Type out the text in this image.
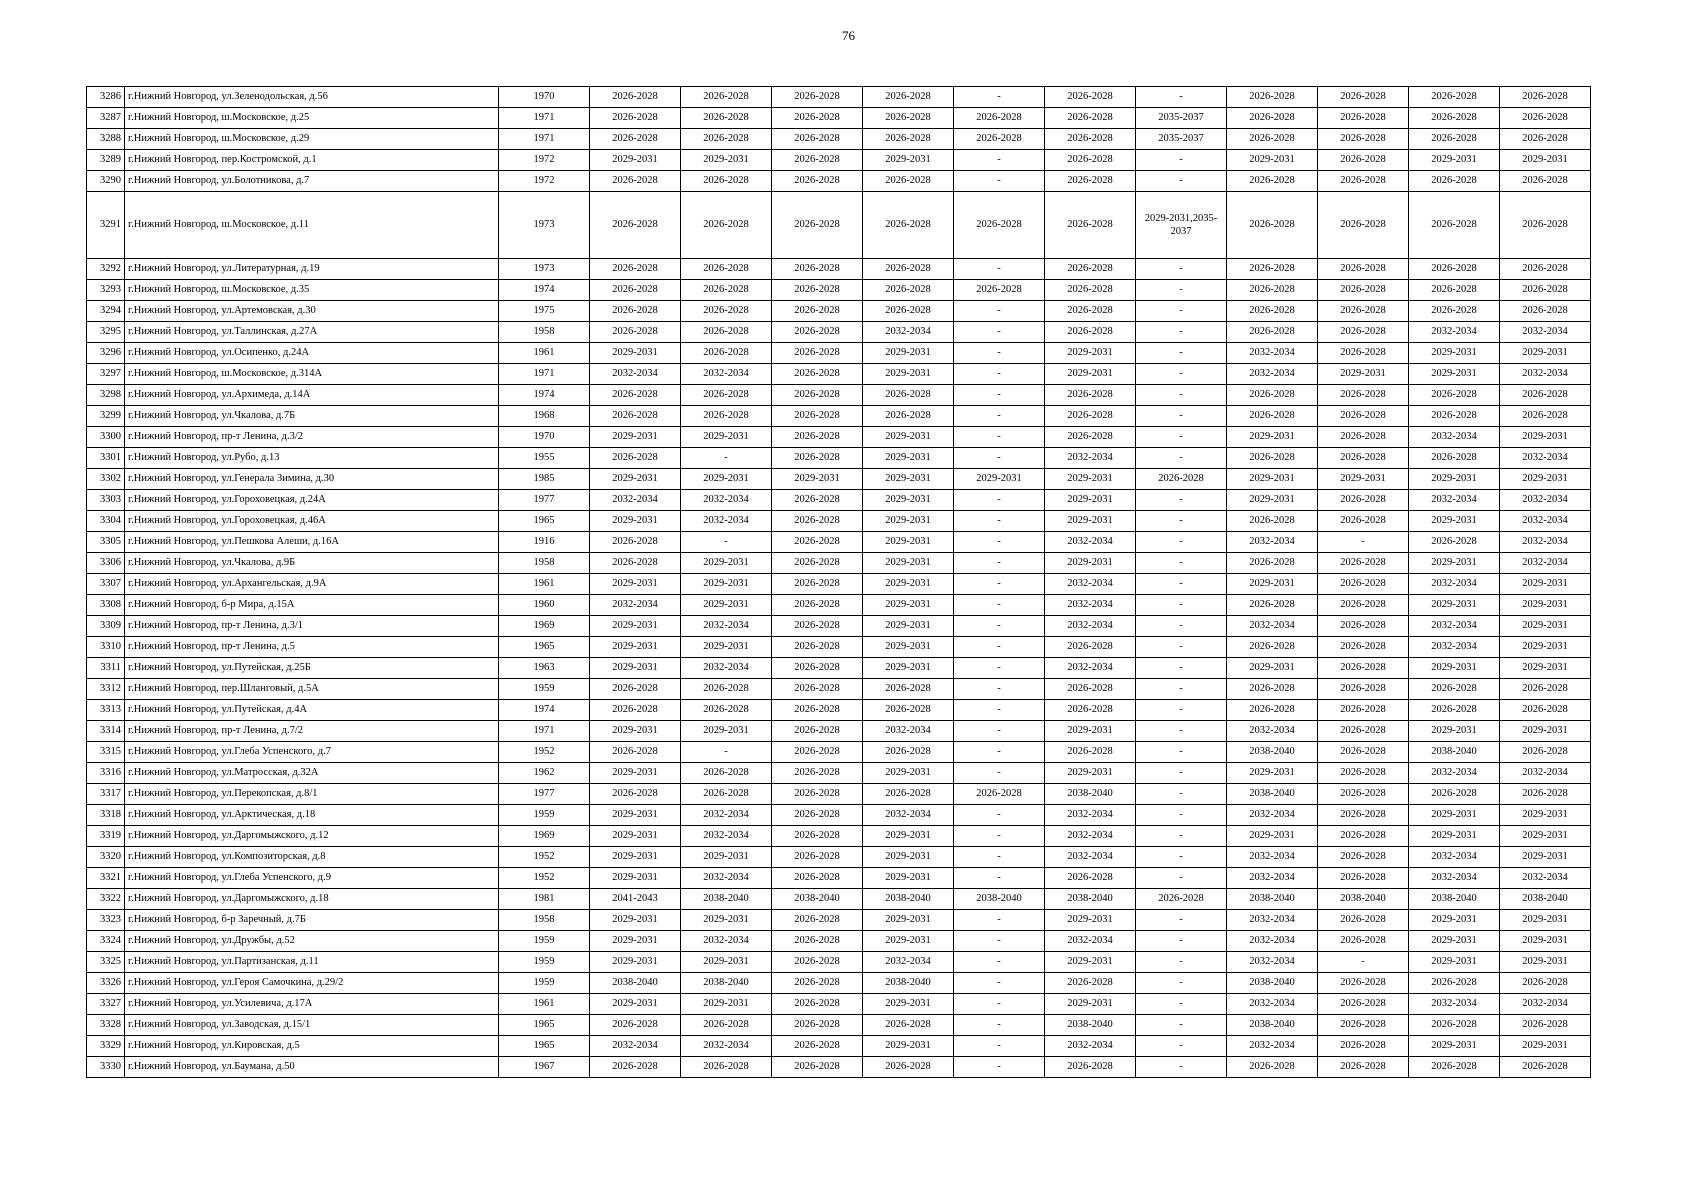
76
3286	г.Нижний Новгород, ул.Зеленодольская, д.56	1970	2026-2028	2026-2028	2026-2028	2026-2028	-	2026-2028	-	2026-2028	2026-2028	2026-2028	2026-2028
3287	г.Нижний Новгород, ш.Московское, д.25	1971	2026-2028	2026-2028	2026-2028	2026-2028	2026-2028	2026-2028	2035-2037	2026-2028	2026-2028	2026-2028	2026-2028
3288	г.Нижний Новгород, ш.Московское, д.29	1971	2026-2028	2026-2028	2026-2028	2026-2028	2026-2028	2026-2028	2035-2037	2026-2028	2026-2028	2026-2028	2026-2028
3289	г.Нижний Новгород, пер.Костромской, д.1	1972	2029-2031	2029-2031	2026-2028	2029-2031	-	2026-2028	-	2029-2031	2026-2028	2029-2031	2029-2031
3290	г.Нижний Новгород, ул.Болотникова, д.7	1972	2026-2028	2026-2028	2026-2028	2026-2028	-	2026-2028	-	2026-2028	2026-2028	2026-2028	2026-2028
3291	г.Нижний Новгород, ш.Московское, д.11	1973	2026-2028	2026-2028	2026-2028	2026-2028	2026-2028	2026-2028	2029-2031,2035-2037	2026-2028	2026-2028	2026-2028	2026-2028
3292	г.Нижний Новгород, ул.Литературная, д.19	1973	2026-2028	2026-2028	2026-2028	2026-2028	-	2026-2028	-	2026-2028	2026-2028	2026-2028	2026-2028
3293	г.Нижний Новгород, ш.Московское, д.35	1974	2026-2028	2026-2028	2026-2028	2026-2028	2026-2028	2026-2028	-	2026-2028	2026-2028	2026-2028	2026-2028
3294	г.Нижний Новгород, ул.Артемовская, д.30	1975	2026-2028	2026-2028	2026-2028	2026-2028	-	2026-2028	-	2026-2028	2026-2028	2026-2028	2026-2028
3295	г.Нижний Новгород, ул.Таллинская, д.27А	1958	2026-2028	2026-2028	2026-2028	2032-2034	-	2026-2028	-	2026-2028	2026-2028	2032-2034	2032-2034
3296	г.Нижний Новгород, ул.Осипенко, д.24А	1961	2029-2031	2026-2028	2026-2028	2029-2031	-	2029-2031	-	2032-2034	2026-2028	2029-2031	2029-2031
3297	г.Нижний Новгород, ш.Московское, д.314А	1971	2032-2034	2032-2034	2026-2028	2029-2031	-	2029-2031	-	2032-2034	2029-2031	2029-2031	2032-2034
3298	г.Нижний Новгород, ул.Архимеда, д.14А	1974	2026-2028	2026-2028	2026-2028	2026-2028	-	2026-2028	-	2026-2028	2026-2028	2026-2028	2026-2028
3299	г.Нижний Новгород, ул.Чкалова, д.7Б	1968	2026-2028	2026-2028	2026-2028	2026-2028	-	2026-2028	-	2026-2028	2026-2028	2026-2028	2026-2028
3300	г.Нижний Новгород, пр-т Ленина, д.3/2	1970	2029-2031	2029-2031	2026-2028	2029-2031	-	2026-2028	-	2029-2031	2026-2028	2032-2034	2029-2031
3301	г.Нижний Новгород, ул.Рубо, д.13	1955	2026-2028	-	2026-2028	2029-2031	-	2032-2034	-	2026-2028	2026-2028	2026-2028	2032-2034
3302	г.Нижний Новгород, ул.Генерала Зимина, д.30	1985	2029-2031	2029-2031	2029-2031	2029-2031	2029-2031	2029-2031	2026-2028	2029-2031	2029-2031	2029-2031	2029-2031
3303	г.Нижний Новгород, ул.Гороховецкая, д.24А	1977	2032-2034	2032-2034	2026-2028	2029-2031	-	2029-2031	-	2029-2031	2026-2028	2032-2034	2032-2034
3304	г.Нижний Новгород, ул.Гороховецкая, д.46А	1965	2029-2031	2032-2034	2026-2028	2029-2031	-	2029-2031	-	2026-2028	2026-2028	2029-2031	2032-2034
3305	г.Нижний Новгород, ул.Пешкова Алеши, д.16А	1916	2026-2028	-	2026-2028	2029-2031	-	2032-2034	-	2032-2034	-	2026-2028	2032-2034
3306	г.Нижний Новгород, ул.Чкалова, д.9Б	1958	2026-2028	2029-2031	2026-2028	2029-2031	-	2029-2031	-	2026-2028	2026-2028	2029-2031	2032-2034
3307	г.Нижний Новгород, ул.Архангельская, д.9А	1961	2029-2031	2029-2031	2026-2028	2029-2031	-	2032-2034	-	2029-2031	2026-2028	2032-2034	2029-2031
3308	г.Нижний Новгород, б-р Мира, д.15А	1960	2032-2034	2029-2031	2026-2028	2029-2031	-	2032-2034	-	2026-2028	2026-2028	2029-2031	2029-2031
3309	г.Нижний Новгород, пр-т Ленина, д.3/1	1969	2029-2031	2032-2034	2026-2028	2029-2031	-	2032-2034	-	2032-2034	2026-2028	2032-2034	2029-2031
3310	г.Нижний Новгород, пр-т Ленина, д.5	1965	2029-2031	2029-2031	2026-2028	2029-2031	-	2026-2028	-	2026-2028	2026-2028	2032-2034	2029-2031
3311	г.Нижний Новгород, ул.Путейская, д.25Б	1963	2029-2031	2032-2034	2026-2028	2029-2031	-	2032-2034	-	2029-2031	2026-2028	2029-2031	2029-2031
3312	г.Нижний Новгород, пер.Шланговый, д.5А	1959	2026-2028	2026-2028	2026-2028	2026-2028	-	2026-2028	-	2026-2028	2026-2028	2026-2028	2026-2028
3313	г.Нижний Новгород, ул.Путейская, д.4А	1974	2026-2028	2026-2028	2026-2028	2026-2028	-	2026-2028	-	2026-2028	2026-2028	2026-2028	2026-2028
3314	г.Нижний Новгород, пр-т Ленина, д.7/2	1971	2029-2031	2029-2031	2026-2028	2032-2034	-	2029-2031	-	2032-2034	2026-2028	2029-2031	2029-2031
3315	г.Нижний Новгород, ул.Глеба Успенского, д.7	1952	2026-2028	-	2026-2028	2026-2028	-	2026-2028	-	2038-2040	2026-2028	2038-2040	2026-2028
3316	г.Нижний Новгород, ул.Матросская, д.32А	1962	2029-2031	2026-2028	2026-2028	2029-2031	-	2029-2031	-	2029-2031	2026-2028	2032-2034	2032-2034
3317	г.Нижний Новгород, ул.Перекопская, д.8/1	1977	2026-2028	2026-2028	2026-2028	2026-2028	2026-2028	2038-2040	-	2038-2040	2026-2028	2026-2028	2026-2028
3318	г.Нижний Новгород, ул.Арктическая, д.18	1959	2029-2031	2032-2034	2026-2028	2032-2034	-	2032-2034	-	2032-2034	2026-2028	2029-2031	2029-2031
3319	г.Нижний Новгород, ул.Даргомыжского, д.12	1969	2029-2031	2032-2034	2026-2028	2029-2031	-	2032-2034	-	2029-2031	2026-2028	2029-2031	2029-2031
3320	г.Нижний Новгород, ул.Композиторская, д.8	1952	2029-2031	2029-2031	2026-2028	2029-2031	-	2032-2034	-	2032-2034	2026-2028	2032-2034	2029-2031
3321	г.Нижний Новгород, ул.Глеба Успенского, д.9	1952	2029-2031	2032-2034	2026-2028	2029-2031	-	2026-2028	-	2032-2034	2026-2028	2032-2034	2032-2034
3322	г.Нижний Новгород, ул.Даргомыжского, д.18	1981	2041-2043	2038-2040	2038-2040	2038-2040	2038-2040	2038-2040	2026-2028	2038-2040	2038-2040	2038-2040	2038-2040
3323	г.Нижний Новгород, б-р Заречный, д.7Б	1958	2029-2031	2029-2031	2026-2028	2029-2031	-	2029-2031	-	2032-2034	2026-2028	2029-2031	2029-2031
3324	г.Нижний Новгород, ул.Дружбы, д.52	1959	2029-2031	2032-2034	2026-2028	2029-2031	-	2032-2034	-	2032-2034	2026-2028	2029-2031	2029-2031
3325	г.Нижний Новгород, ул.Партизанская, д.11	1959	2029-2031	2029-2031	2026-2028	2032-2034	-	2029-2031	-	2032-2034	-	2029-2031	2029-2031
3326	г.Нижний Новгород, ул.Героя Самочкина, д.29/2	1959	2038-2040	2038-2040	2026-2028	2038-2040	-	2026-2028	-	2038-2040	2026-2028	2026-2028	2026-2028
3327	г.Нижний Новгород, ул.Усилевича, д.17А	1961	2029-2031	2029-2031	2026-2028	2029-2031	-	2029-2031	-	2032-2034	2026-2028	2032-2034	2032-2034
3328	г.Нижний Новгород, ул.Заводская, д.15/1	1965	2026-2028	2026-2028	2026-2028	2026-2028	-	2038-2040	-	2038-2040	2026-2028	2026-2028	2026-2028
3329	г.Нижний Новгород, ул.Кировская, д.5	1965	2032-2034	2032-2034	2026-2028	2029-2031	-	2032-2034	-	2032-2034	2026-2028	2029-2031	2029-2031
3330	г.Нижний Новгород, ул.Баумана, д.50	1967	2026-2028	2026-2028	2026-2028	2026-2028	-	2026-2028	-	2026-2028	2026-2028	2026-2028	2026-2028
